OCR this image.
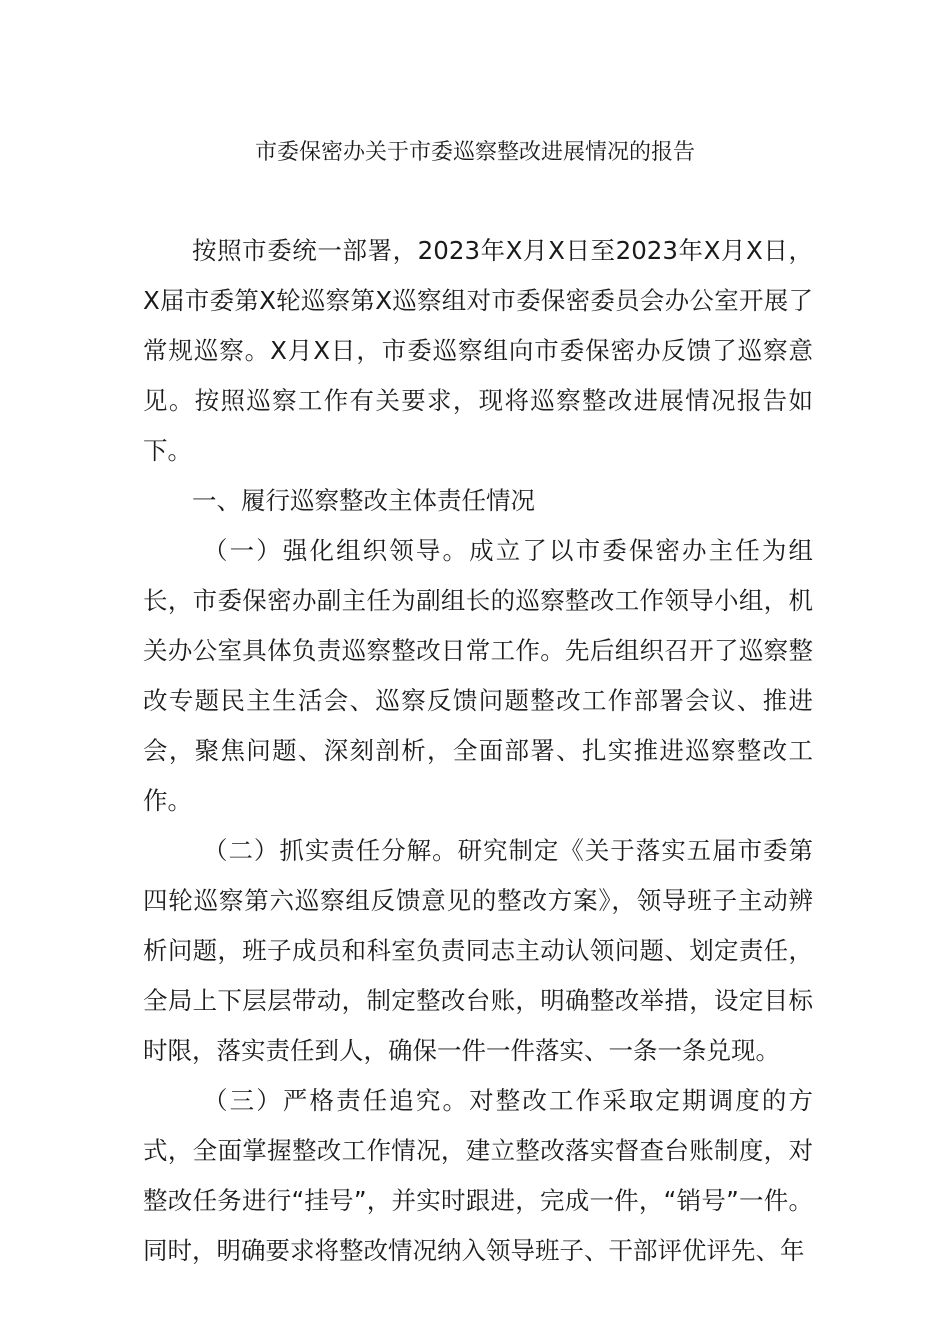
市委保密办关于市委巡察整改进展情况的报告

按照市委统一部署，2023年X月X日至2023年X月X日，X届市委第X轮巡察第X巡察组对市委保密委员会办公室开展了常规巡察。X月X日，市委巡察组向市委保密办反馈了巡察意见。按照巡察工作有关要求，现将巡察整改进展情况报告如下。

一、履行巡察整改主体责任情况

（一）强化组织领导。成立了以市委保密办主任为组长，市委保密办副主任为副组长的巡察整改工作领导小组，机关办公室具体负责巡察整改日常工作。先后组织召开了巡察整改专题民主生活会、巡察反馈问题整改工作部署会议、推进会，聚焦问题、深刻剖析，全面部署、扎实推进巡察整改工作。

（二）抓实责任分解。研究制定《关于落实五届市委第四轮巡察第六巡察组反馈意见的整改方案》，领导班子主动辨析问题，班子成员和科室负责同志主动认领问题、划定责任，全局上下层层带动，制定整改台账，明确整改举措，设定目标时限，落实责任到人，确保一件一件落实、一条一条兑现。

（三）严格责任追究。对整改工作采取定期调度的方式，全面掌握整改工作情况，建立整改落实督查台账制度，对整改任务进行“挂号”，并实时跟进，完成一件，“销号”一件。同时，明确要求将整改情况纳入领导班子、干部评优评先、年
